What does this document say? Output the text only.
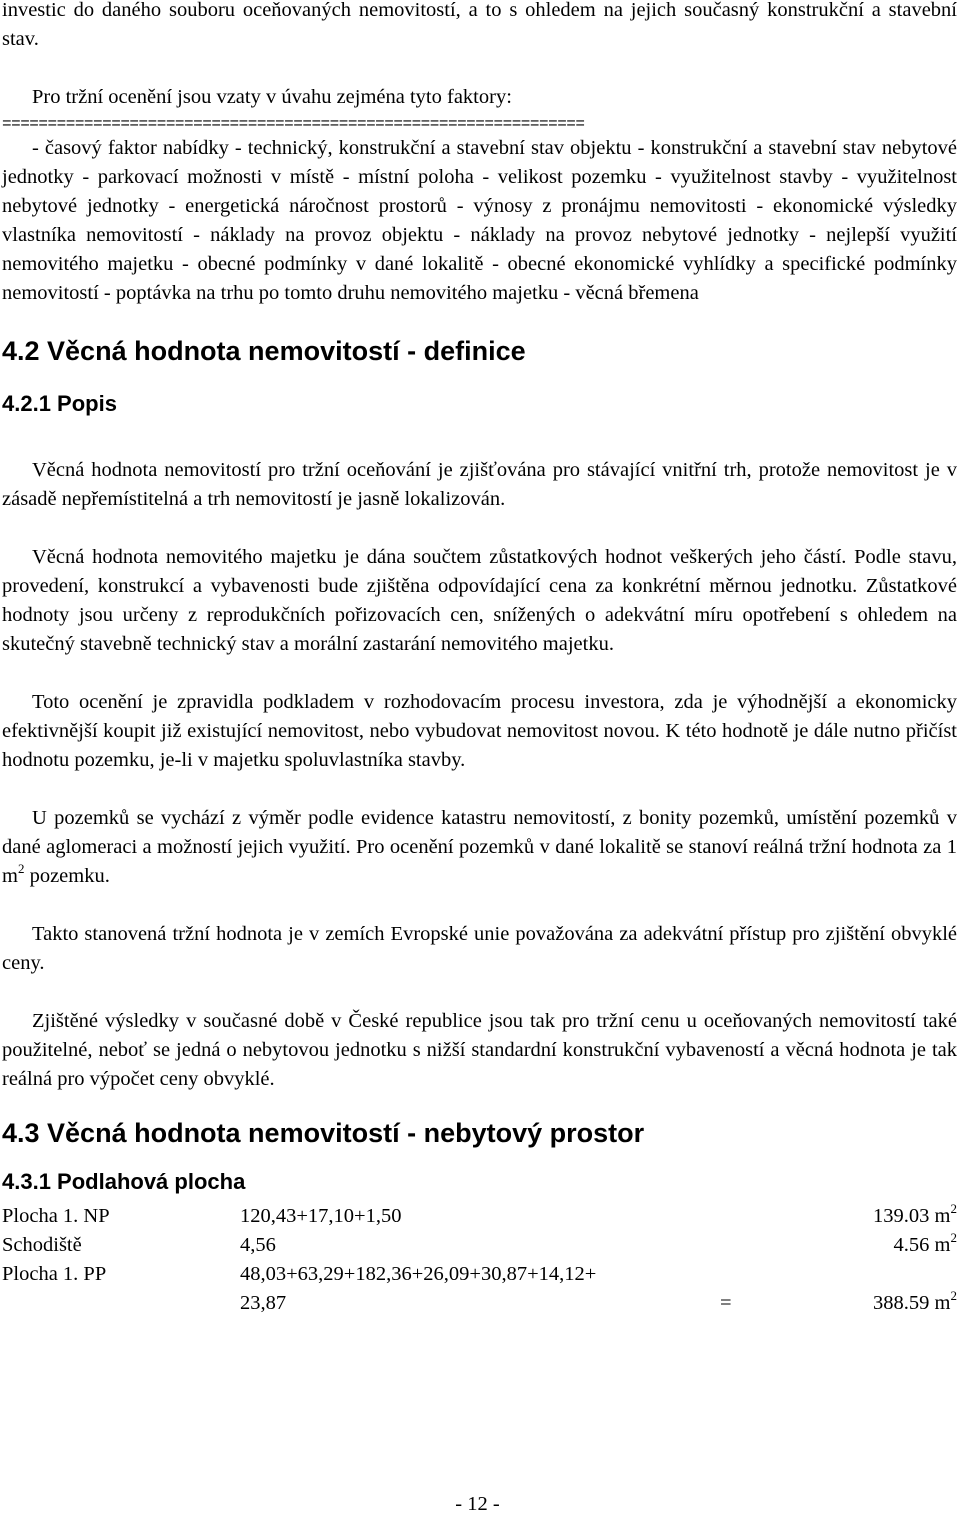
investic do daného souboru oceňovaných nemovitostí, a to s ohledem na jejich současný konstrukční a stavební stav.

Pro tržní ocenění jsou vzaty v úvahu zejména tyto faktory:

================================================================

- časový faktor nabídky - technický, konstrukční a stavební stav objektu - konstrukční a stavební stav nebytové jednotky - parkovací možnosti v místě - místní poloha - velikost pozemku - využitelnost stavby - využitelnost nebytové jednotky - energetická náročnost prostorů - výnosy z pronájmu nemovitosti - ekonomické výsledky vlastníka nemovitostí - náklady na provoz objektu - náklady na provoz nebytové jednotky - nejlepší využití nemovitého majetku - obecné podmínky v dané lokalitě - obecné ekonomické vyhlídky a specifické podmínky nemovitostí - poptávka na trhu po tomto druhu nemovitého majetku - věcná břemena

4.2 Věcná hodnota nemovitostí - definice
4.2.1 Popis

Věcná hodnota nemovitostí pro tržní oceňování je zjišťována pro stávající vnitřní trh, protože nemovitost je v zásadě nepřemístitelná a trh nemovitostí je jasně lokalizován.

Věcná hodnota nemovitého majetku je dána součtem zůstatkových hodnot veškerých jeho částí. Podle stavu, provedení, konstrukcí a vybavenosti bude zjištěna odpovídající cena za konkrétní měrnou jednotku. Zůstatkové hodnoty jsou určeny z reprodukčních pořizovacích cen, snížených o adekvátní míru opotřebení s ohledem na skutečný stavebně technický stav a morální zastarání nemovitého majetku.

Toto ocenění je zpravidla podkladem v rozhodovacím procesu investora, zda je výhodnější a ekonomicky efektivnější koupit již existující nemovitost, nebo vybudovat nemovitost novou. K této hodnotě je dále nutno přičíst hodnotu pozemku, je-li v majetku spoluvlastníka stavby.

U pozemků se vychází z výměr podle evidence katastru nemovitostí, z bonity pozemků, umístění pozemků v dané aglomeraci a možností jejich využití. Pro ocenění pozemků v dané lokalitě se stanoví reálná tržní hodnota za 1 $m^2$ pozemku.

Takto stanovená tržní hodnota je v zemích Evropské unie považována za adekvátní přístup pro zjištění obvyklé ceny.

Zjištěné výsledky v současné době v České republice jsou tak pro tržní cenu u oceňovaných nemovitostí také použitelné, neboť se jedná o nebytovou jednotku s nižší standardní konstrukční vybaveností a věcná hodnota je tak reálná pro výpočet ceny obvyklé.

4.3 Věcná hodnota nemovitostí - nebytový prostor
4.3.1 Podlahová plocha
Plocha 1. NP	120,43+17,10+1,50		139.03 $m^2$
Schodiště	4,56		4.56 $m^2$
Plocha 1. PP	48,03+63,29+182,36+26,09+30,87+14,12+		
	23,87	=	388.59 $m^2$
- 12 -
